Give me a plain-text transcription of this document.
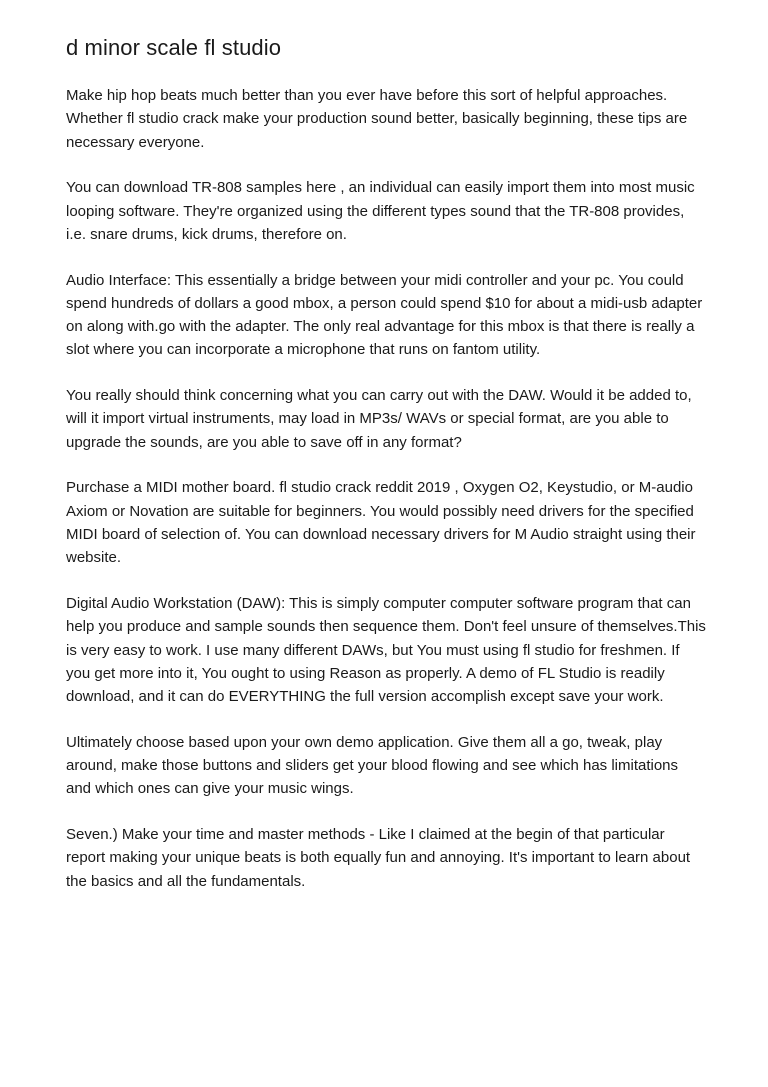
d minor scale fl studio

Make hip hop beats much better than you ever have before this sort of helpful approaches. Whether fl studio crack make your production sound better, basically beginning, these tips are necessary everyone.

You can download TR-808 samples here , an individual can easily import them into most music looping software. They're organized using the different types sound that the TR-808 provides, i.e. snare drums, kick drums, therefore on.

Audio Interface: This essentially a bridge between your midi controller and your pc. You could spend hundreds of dollars a good mbox, a person could spend $10 for about a midi-usb adapter on along with.go with the adapter. The only real advantage for this mbox is that there is really a slot where you can incorporate a microphone that runs on fantom utility.

You really should think concerning what you can carry out with the DAW. Would it be added to, will it import virtual instruments, may load in MP3s/ WAVs or special format, are you able to upgrade the sounds, are you able to save off in any format?

Purchase a MIDI mother board. fl studio crack reddit 2019 , Oxygen O2, Keystudio, or M-audio Axiom or Novation are suitable for beginners. You would possibly need drivers for the specified MIDI board of selection of. You can download necessary drivers for M Audio straight using their website.

Digital Audio Workstation (DAW): This is simply computer computer software program that can help you produce and sample sounds then sequence them. Don't feel unsure of themselves.This is very easy to work. I use many different DAWs, but You must using fl studio for freshmen. If you get more into it, You ought to using Reason as properly. A demo of FL Studio is readily download, and it can do EVERYTHING the full version accomplish except save your work.

Ultimately choose based upon your own demo application. Give them all a go, tweak, play around, make those buttons and sliders get your blood flowing and see which has limitations and which ones can give your music wings.

Seven.) Make your time and master methods - Like I claimed at the begin of that particular report making your unique beats is both equally fun and annoying. It's important to learn about the basics and all the fundamentals.
